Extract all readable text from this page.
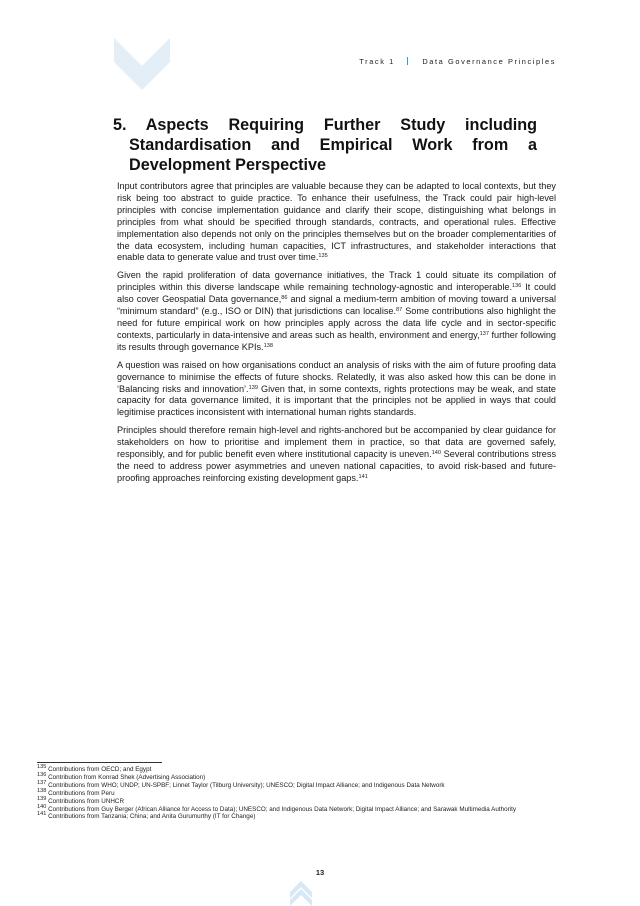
Track 1	Data Governance Principles
5. Aspects Requiring Further Study including
Standardisation and Empirical Work from a
Development Perspective

Input contributors agree that principles are valuable because they can be adapted to local contexts, but they risk being too abstract to guide practice. To enhance their usefulness, the Track could pair high-level principles with concise implementation guidance and clarify their scope, distinguishing what belongs in principles from what should be specified through standards, contracts, and operational rules. Effective implementation also depends not only on the principles themselves but on the broader complementarities of the data ecosystem, including human capacities, ICT infrastructures, and stakeholder interactions that enable data to generate value and trust over time.$^{135}$

Given the rapid proliferation of data governance initiatives, the Track 1 could situate its compilation of principles within this diverse landscape while remaining technology-agnostic and interoperable.$^{136}$ It could also cover Geospatial Data governance,$^{86}$ and signal a medium-term ambition of moving toward a universal “minimum standard” (e.g., ISO or DIN) that jurisdictions can localise.$^{87}$ Some contributions also highlight the need for future empirical work on how principles apply across the data life cycle and in sector-specific contexts, particularly in data-intensive and areas such as health, environment and energy,$^{137}$ further following its results through governance KPIs.$^{138}$

A question was raised on how organisations conduct an analysis of risks with the aim of future proofing data governance to minimise the effects of future shocks. Relatedly, it was also asked how this can be done in ‘Balancing risks and innovation’.$^{139}$ Given that, in some contexts, rights protections may be weak, and state capacity for data governance limited, it is important that the principles not be applied in ways that could legitimise practices inconsistent with international human rights standards.

Principles should therefore remain high-level and rights-anchored but be accompanied by clear guidance for stakeholders on how to prioritise and implement them in practice, so that data are governed safely, responsibly, and for public benefit even where institutional capacity is uneven.$^{140}$ Several contributions stress the need to address power asymmetries and uneven national capacities, to avoid risk-based and future-proofing approaches reinforcing existing development gaps.$^{141}$

$^{135}$ Contributions from OECD; and Egypt
$^{136}$ Contribution from Konrad Shek (Advertising Association)
$^{137}$ Contributions from WHO; UNDP; UN-SPBF; Linnet Taylor (Tilburg University); UNESCO; Digital Impact Alliance; and Indigenous Data Network
$^{138}$ Contributions from Peru
$^{139}$ Contributions from UNHCR
$^{140}$ Contributions from Guy Berger (African Alliance for Access to Data); UNESCO; and Indigenous Data Network; Digital Impact Alliance; and Sarawak Multimedia Authority
$^{141}$ Contributions from Tanzania; China; and Anita Gurumurthy (IT for Change)
13
